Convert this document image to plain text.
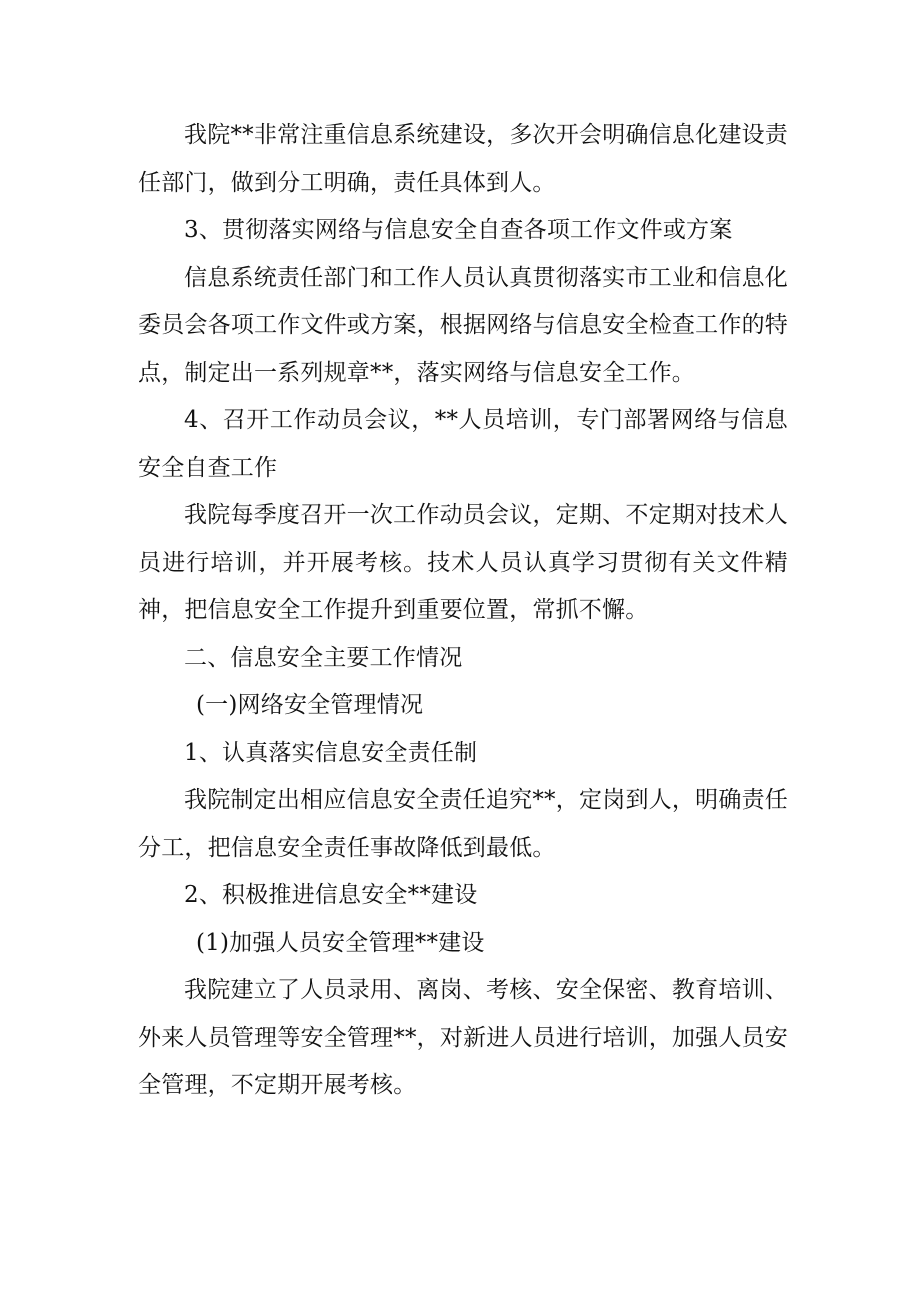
我院**非常注重信息系统建设，多次开会明确信息化建设责任部门，做到分工明确，责任具体到人。

3、贯彻落实网络与信息安全自查各项工作文件或方案

信息系统责任部门和工作人员认真贯彻落实市工业和信息化委员会各项工作文件或方案，根据网络与信息安全检查工作的特点，制定出一系列规章**，落实网络与信息安全工作。

4、召开工作动员会议，**人员培训，专门部署网络与信息安全自查工作

我院每季度召开一次工作动员会议，定期、不定期对技术人员进行培训，并开展考核。技术人员认真学习贯彻有关文件精神，把信息安全工作提升到重要位置，常抓不懈。

二、信息安全主要工作情况

(一)网络安全管理情况

1、认真落实信息安全责任制

我院制定出相应信息安全责任追究**，定岗到人，明确责任分工，把信息安全责任事故降低到最低。

2、积极推进信息安全**建设

(1)加强人员安全管理**建设

我院建立了人员录用、离岗、考核、安全保密、教育培训、外来人员管理等安全管理**，对新进人员进行培训，加强人员安全管理，不定期开展考核。
